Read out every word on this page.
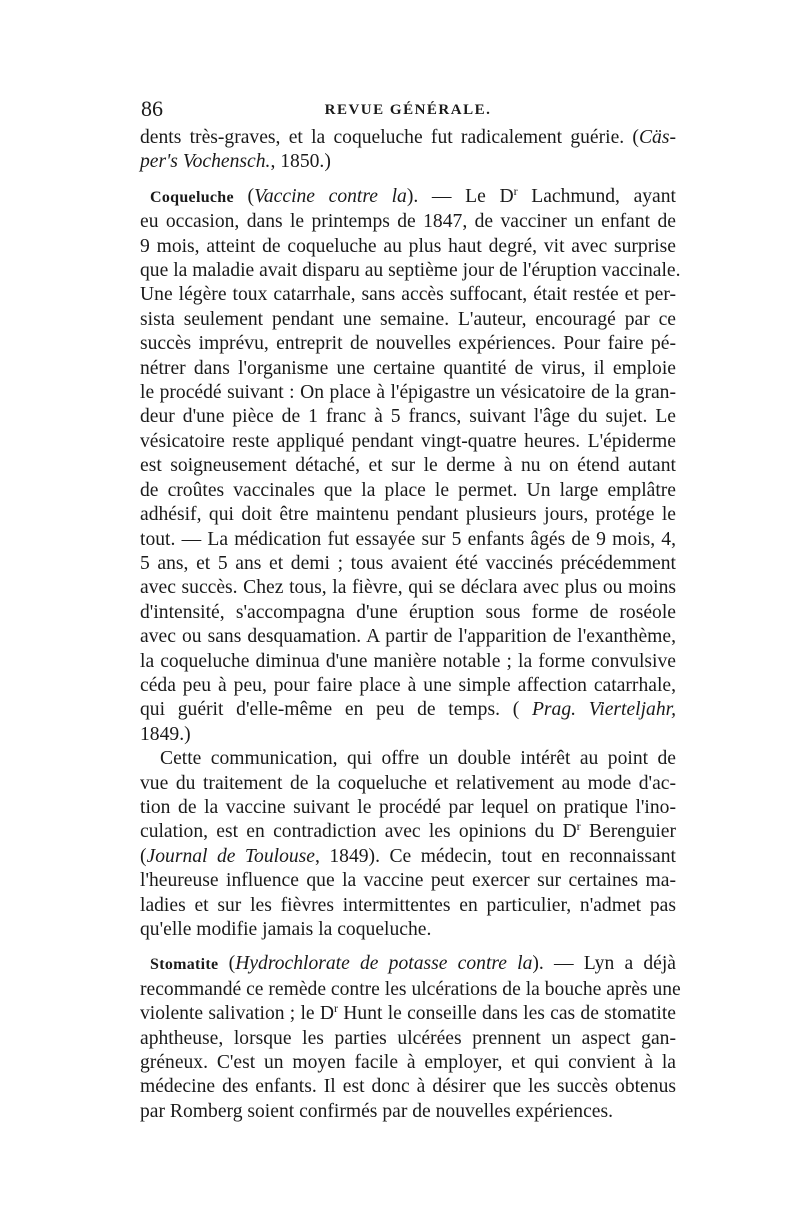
86	REVUE GÉNÉRALE.
dents très-graves, et la coqueluche fut radicalement guérie. (Cäs-
per's Vochensch., 1850.)
Coqueluche (Vaccine contre la). — Le $D^r$ Lachmund, ayant
eu occasion, dans le printemps de 1847, de vacciner un enfant de
9 mois, atteint de coqueluche au plus haut degré, vit avec surprise
que la maladie avait disparu au septième jour de l'éruption vaccinale.
Une légère toux catarrhale, sans accès suffocant, était restée et per-
sista seulement pendant une semaine. L'auteur, encouragé par ce
succès imprévu, entreprit de nouvelles expériences. Pour faire pé-
nétrer dans l'organisme une certaine quantité de virus, il emploie
le procédé suivant : On place à l'épigastre un vésicatoire de la gran-
deur d'une pièce de 1 franc à 5 francs, suivant l'âge du sujet. Le
vésicatoire reste appliqué pendant vingt-quatre heures. L'épiderme
est soigneusement détaché, et sur le derme à nu on étend autant
de croûtes vaccinales que la place le permet. Un large emplâtre
adhésif, qui doit être maintenu pendant plusieurs jours, protége le
tout. — La médication fut essayée sur 5 enfants âgés de 9 mois, 4,
5 ans, et 5 ans et demi ; tous avaient été vaccinés précédemment
avec succès. Chez tous, la fièvre, qui se déclara avec plus ou moins
d'intensité, s'accompagna d'une éruption sous forme de roséole
avec ou sans desquamation. A partir de l'apparition de l'exanthème,
la coqueluche diminua d'une manière notable ; la forme convulsive
céda peu à peu, pour faire place à une simple affection catarrhale,
qui guérit d'elle-même en peu de temps. ( Prag. Vierteljahr,
1849.)
Cette communication, qui offre un double intérêt au point de
vue du traitement de la coqueluche et relativement au mode d'ac-
tion de la vaccine suivant le procédé par lequel on pratique l'ino-
culation, est en contradiction avec les opinions du $D^r$ Berenguier
(Journal de Toulouse, 1849). Ce médecin, tout en reconnaissant
l'heureuse influence que la vaccine peut exercer sur certaines ma-
ladies et sur les fièvres intermittentes en particulier, n'admet pas
qu'elle modifie jamais la coqueluche.
Stomatite (Hydrochlorate de potasse contre la). — Lyn a déjà
recommandé ce remède contre les ulcérations de la bouche après une
violente salivation ; le $D^r$ Hunt le conseille dans les cas de stomatite
aphtheuse, lorsque les parties ulcérées prennent un aspect gan-
gréneux. C'est un moyen facile à employer, et qui convient à la
médecine des enfants. Il est donc à désirer que les succès obtenus
par Romberg soient confirmés par de nouvelles expériences.
